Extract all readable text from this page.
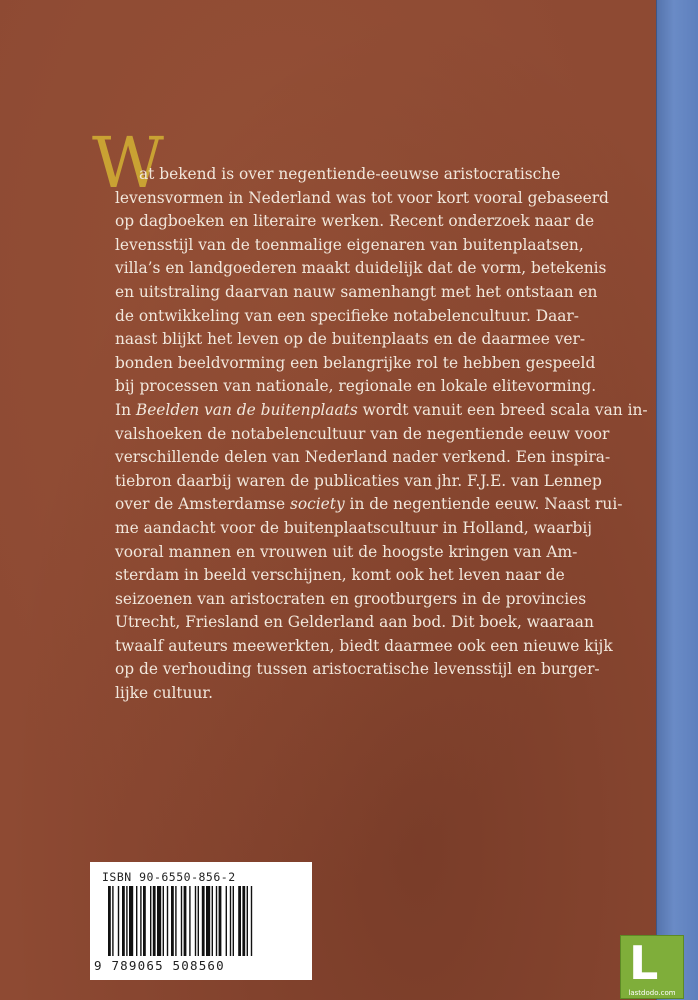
W
at bekend is over negentiende-eeuwse aristocratische
levensvormen in Nederland was tot voor kort vooral gebaseerd
op dagboeken en literaire werken. Recent onderzoek naar de
levensstijl van de toenmalige eigenaren van buitenplaatsen,
villa’s en landgoederen maakt duidelijk dat de vorm, betekenis
en uitstraling daarvan nauw samenhangt met het ontstaan en
de ontwikkeling van een specifieke notabelencultuur. Daar-
naast blijkt het leven op de buitenplaats en de daarmee ver-
bonden beeldvorming een belangrijke rol te hebben gespeeld
bij processen van nationale, regionale en lokale elitevorming.
In Beelden van de buitenplaats wordt vanuit een breed scala van in-
valshoeken de notabelencultuur van de negentiende eeuw voor
verschillende delen van Nederland nader verkend. Een inspira-
tiebron daarbij waren de publicaties van jhr. F.J.E. van Lennep
over de Amsterdamse society in de negentiende eeuw. Naast rui-
me aandacht voor de buitenplaatscultuur in Holland, waarbij
vooral mannen en vrouwen uit de hoogste kringen van Am-
sterdam in beeld verschijnen, komt ook het leven naar de
seizoenen van aristocraten en grootburgers in de provincies
Utrecht, Friesland en Gelderland aan bod. Dit boek, waaraan
twaalf auteurs meewerkten, biedt daarmee ook een nieuwe kijk
op de verhouding tussen aristocratische levensstijl en burger-
lijke cultuur.
ISBN 90-6550-856-2
9 789065 508560	L
lastdodo.com
